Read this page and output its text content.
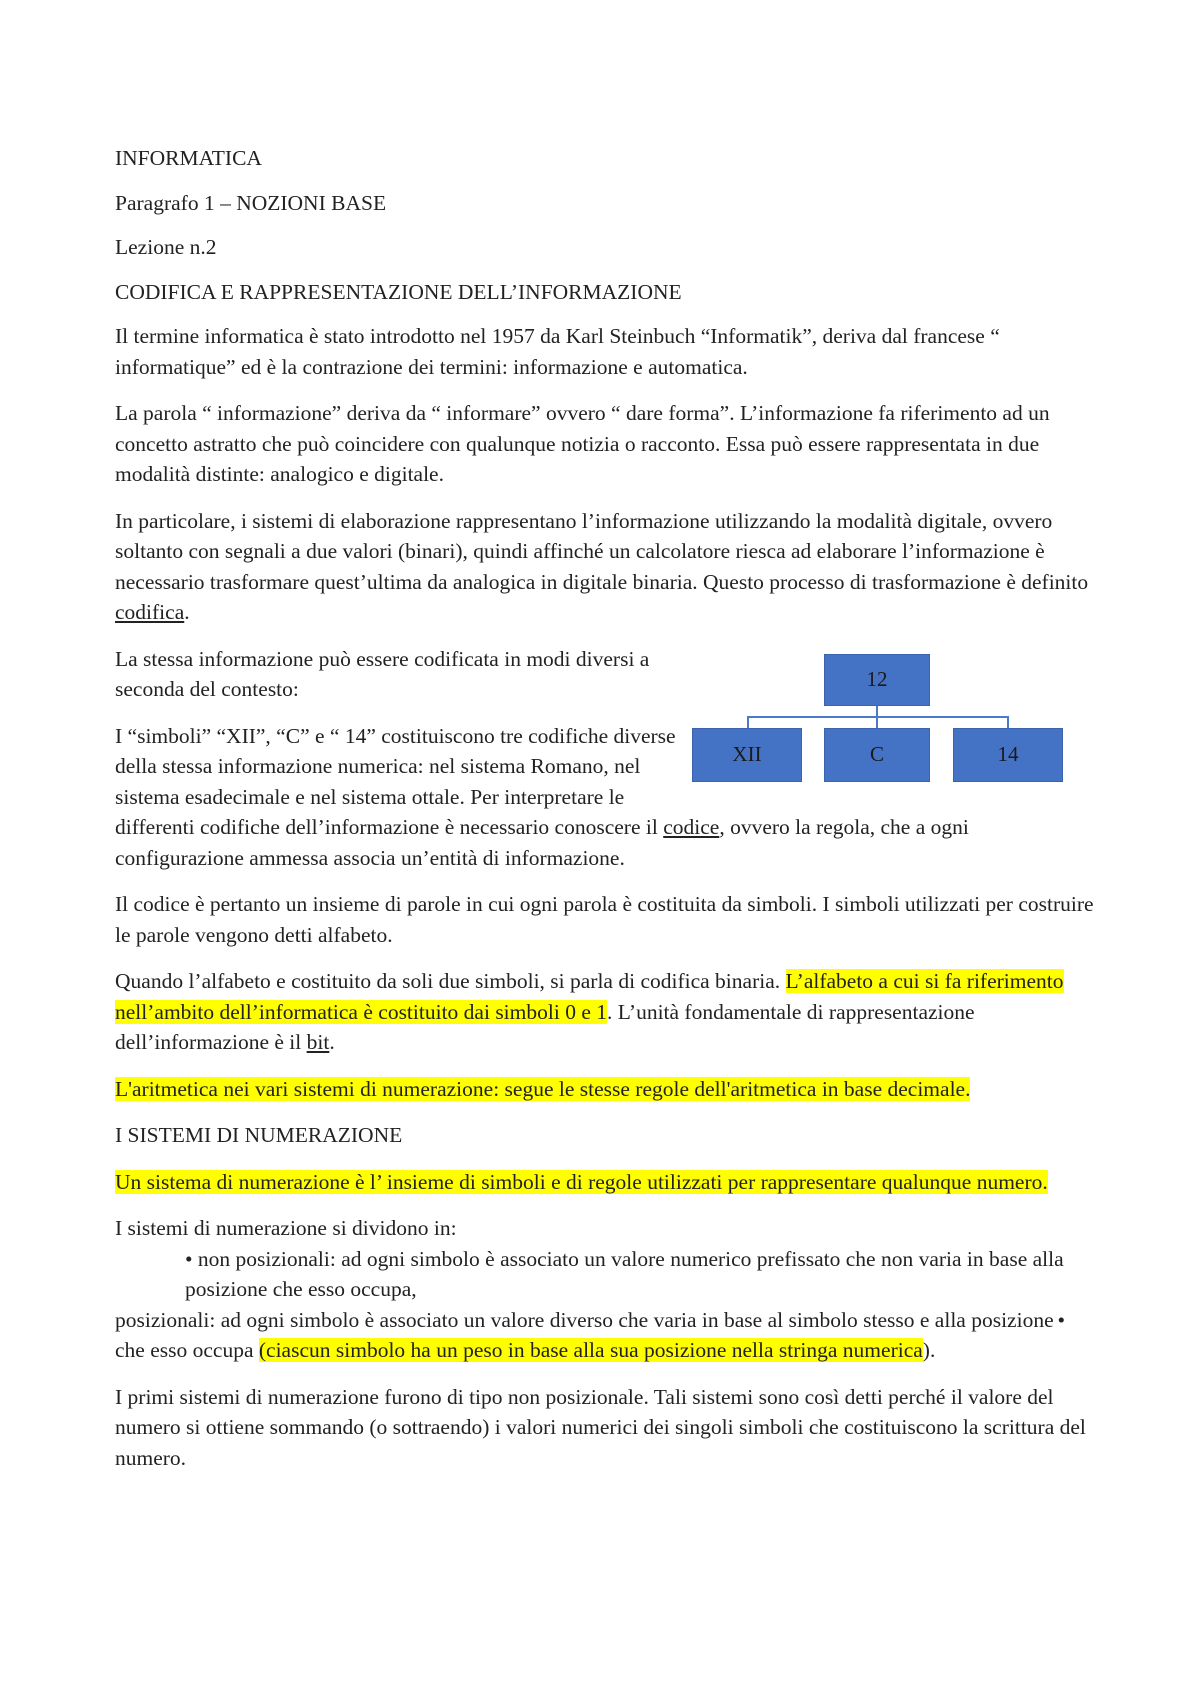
INFORMATICA

Paragrafo 1 – NOZIONI BASE

Lezione n.2

CODIFICA E RAPPRESENTAZIONE DELL’INFORMAZIONE

Il termine informatica è stato introdotto nel 1957 da Karl Steinbuch “Informatik”, deriva dal francese “ informatique” ed è la contrazione dei termini: informazione e automatica.

La parola “ informazione” deriva da “ informare” ovvero “ dare forma”. L’informazione fa riferimento ad un concetto astratto che può coincidere con qualunque notizia o racconto. Essa può essere rappresentata in due modalità distinte: analogico e digitale.

In particolare, i sistemi di elaborazione rappresentano l’informazione utilizzando la modalità digitale, ovvero soltanto con segnali a due valori (binari), quindi affinché un calcolatore riesca ad elaborare l’informazione è necessario trasformare quest’ultima da analogica in digitale binaria. Questo processo di trasformazione è definito codifica.

12
XII	C	14

La stessa informazione può essere codificata in modi diversi a seconda del contesto:

I “simboli” “XII”, “C” e “ 14” costituiscono tre codifiche diverse della stessa informazione numerica: nel sistema Romano, nel sistema esadecimale e nel sistema ottale. Per interpretare le differenti codifiche dell’informazione è necessario conoscere il codice, ovvero la regola, che a ogni configurazione ammessa associa un’entità di informazione.

Il codice è pertanto un insieme di parole in cui ogni parola è costituita da simboli. I simboli utilizzati per costruire le parole vengono detti alfabeto.

Quando l’alfabeto e costituito da soli due simboli, si parla di codifica binaria. L’alfabeto a cui si fa riferimento nell’ambito dell’informatica è costituito dai simboli 0 e 1. L’unità fondamentale di rappresentazione dell’informazione è il bit.

L'aritmetica nei vari sistemi di numerazione: segue le stesse regole dell'aritmetica in base decimale.

I SISTEMI DI NUMERAZIONE

Un sistema di numerazione è l’ insieme di simboli e di regole utilizzati per rappresentare qualunque numero.

I sistemi di numerazione si dividono in:
• non posizionali: ad ogni simbolo è associato un valore numerico prefissato che non varia in base alla posizione che esso occupa,
•
posizionali: ad ogni simbolo è associato un valore diverso che varia in base al simbolo stesso e alla posizione che esso occupa (ciascun simbolo ha un peso in base alla sua posizione nella stringa numerica).

I primi sistemi di numerazione furono di tipo non posizionale. Tali sistemi sono così detti perché il valore del numero si ottiene sommando (o sottraendo) i valori numerici dei singoli simboli che costituiscono la scrittura del numero.
